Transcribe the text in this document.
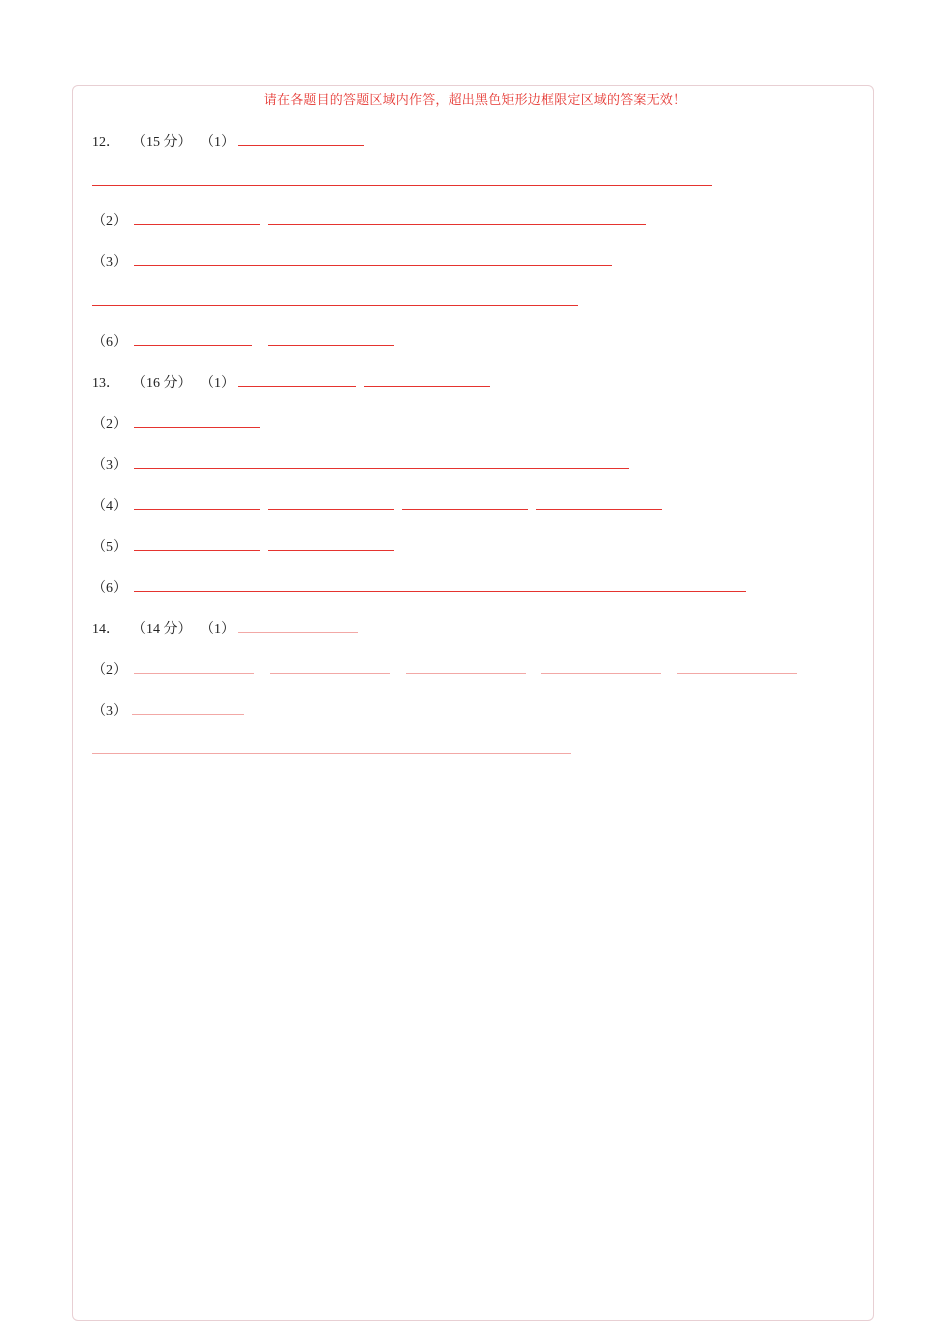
请在各题目的答题区域内作答，超出黑色矩形边框限定区域的答案无效！
12． （15 分） （1）
（2）
（3）
（6）
13． （16 分） （1）
（2）
（3）
（4）
（5）
（6）
14． （14 分） （1）
（2）
（3）
